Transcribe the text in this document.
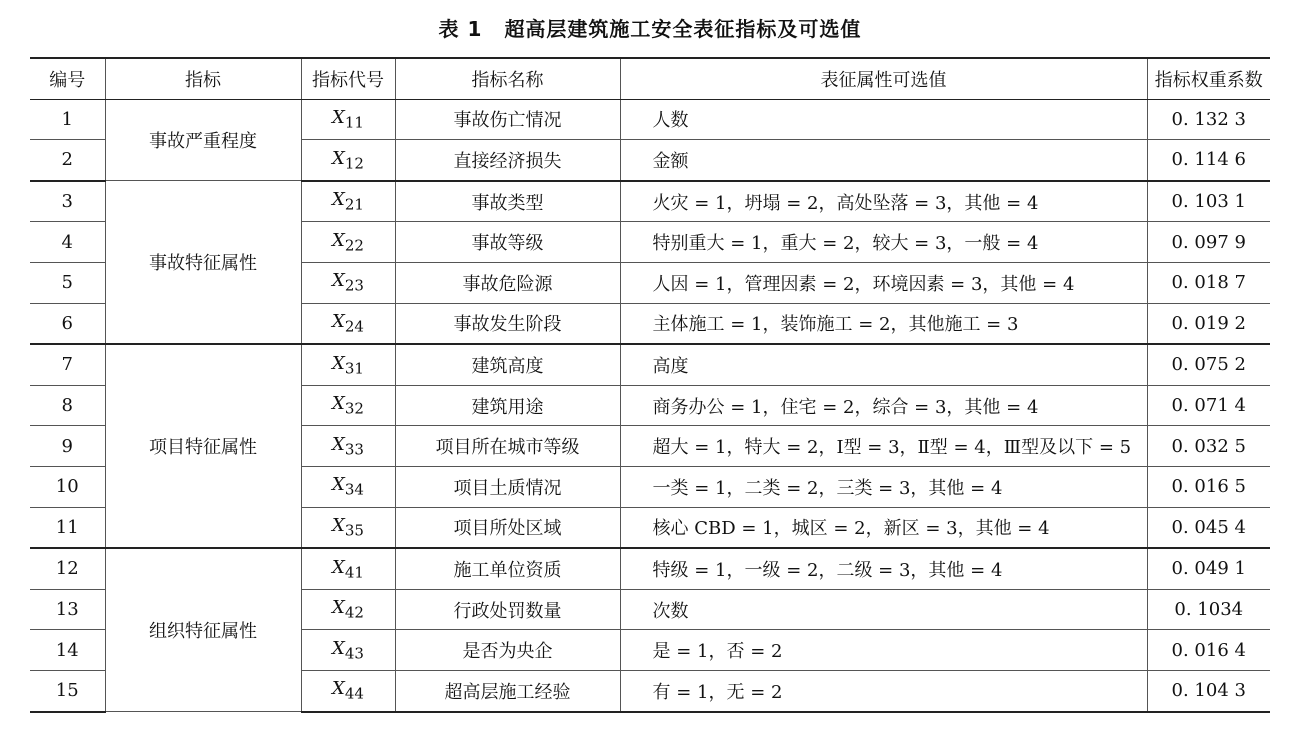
表 1 超高层建筑施工安全表征指标及可选值
编号	指标	指标代号	指标名称	表征属性可选值	指标权重系数
1	事故严重程度	$X_{11}$	事故伤亡情况	人数	0. 132 3
2		$X_{12}$	直接经济损失	金额	0. 114 6
3	事故特征属性	$X_{21}$	事故类型	火灾 = 1，坍塌 = 2，高处坠落 = 3，其他 = 4	0. 103 1
4		$X_{22}$	事故等级	特别重大 = 1，重大 = 2，较大 = 3，一般 = 4	0. 097 9
5		$X_{23}$	事故危险源	人因 = 1，管理因素 = 2，环境因素 = 3，其他 = 4	0. 018 7
6		$X_{24}$	事故发生阶段	主体施工 = 1，装饰施工 = 2，其他施工 = 3	0. 019 2
7	项目特征属性	$X_{31}$	建筑高度	高度	0. 075 2
8		$X_{32}$	建筑用途	商务办公 = 1，住宅 = 2，综合 = 3，其他 = 4	0. 071 4
9		$X_{33}$	项目所在城市等级	超大 = 1，特大 = 2，Ⅰ型 = 3，Ⅱ型 = 4，Ⅲ型及以下 = 5	0. 032 5
10		$X_{34}$	项目土质情况	一类 = 1，二类 = 2，三类 = 3，其他 = 4	0. 016 5
11		$X_{35}$	项目所处区域	核心 CBD = 1，城区 = 2，新区 = 3，其他 = 4	0. 045 4
12	组织特征属性	$X_{41}$	施工单位资质	特级 = 1，一级 = 2，二级 = 3，其他 = 4	0. 049 1
13		$X_{42}$	行政处罚数量	次数	0. 1034
14		$X_{43}$	是否为央企	是 = 1，否 = 2	0. 016 4
15		$X_{44}$	超高层施工经验	有 = 1，无 = 2	0. 104 3
